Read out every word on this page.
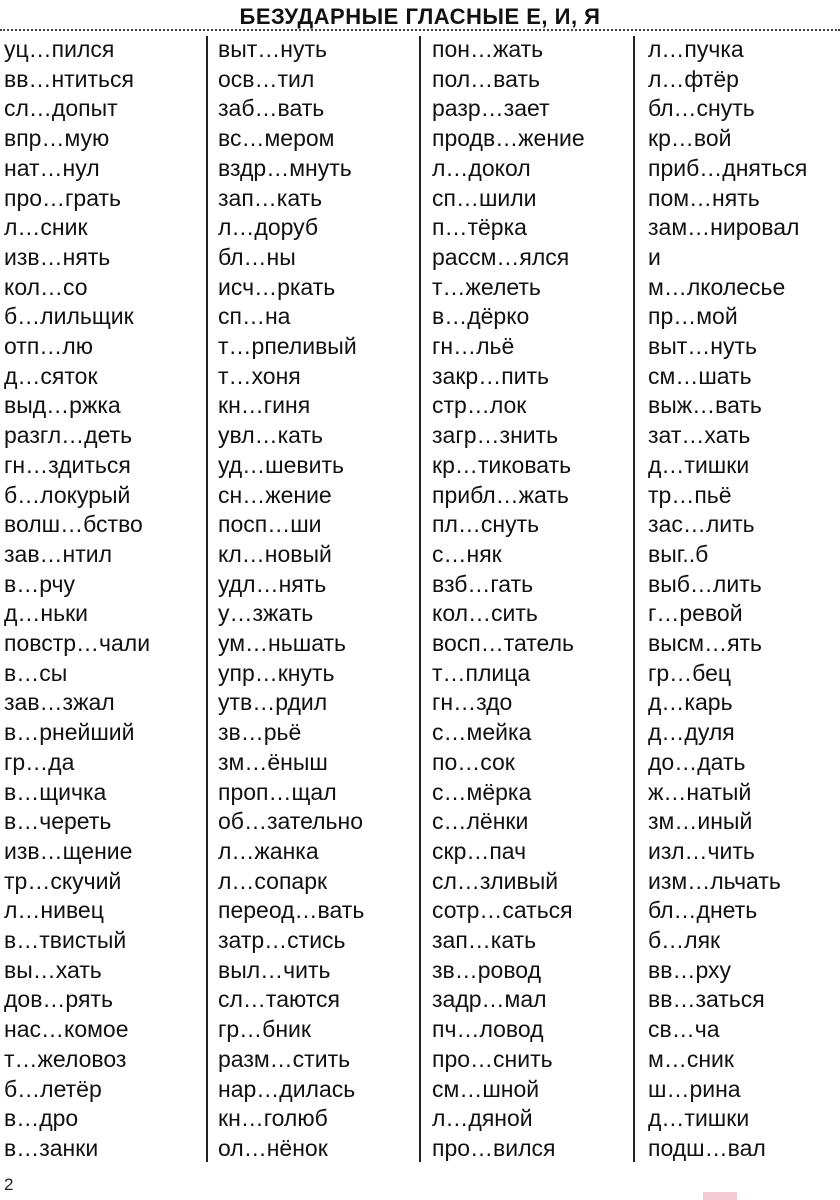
БЕЗУДАРНЫЕ ГЛАСНЫЕ Е, И, Я
уц…пился
вв…нтиться
сл…допыт
впр…мую
нат…нул
про…грать
л…сник
изв…нять
кол…со
б…лильщик
отп…лю
д…сяток
выд…ржка
разгл…деть
гн…здиться
б…локурый
волш…бство
зав…нтил
в…рчу
д…ньки
повстр…чали
в…сы
зав…зжал
в…рнейший
гр…да
в…щичка
в…череть
изв…щение
тр…скучий
л…нивец
в…твистый
вы…хать
дов…рять
нас…комое
т…желовоз
б…летёр
в…дро
в…занки
выт…нуть
осв…тил
заб…вать
вс…мером
вздр…мнуть
зап…кать
л…доруб
бл…ны
исч…ркать
сп…на
т…рпеливый
т…хоня
кн…гиня
увл…кать
уд…шевить
сн…жение
посп…ши
кл…новый
удл…нять
у…зжать
ум…ньшать
упр…кнуть
утв…рдил
зв…рьё
зм…ёныш
проп…щал
об…зательно
л…жанка
л…сопарк
переод…вать
затр…стись
выл…чить
сл…таются
гр…бник
разм…стить
нар…дилась
кн…голюб
ол…нёнок
пон…жать
пол…вать
разр…зает
продв…жение
л…докол
сп…шили
п…тёрка
рассм…ялся
т…желеть
в…дёрко
гн…льё
закр…пить
стр…лок
загр…знить
кр…тиковать
прибл…жать
пл…снуть
с…няк
взб…гать
кол…сить
восп…татель
т…плица
гн…здо
с…мейка
по…сок
с…мёрка
с…лёнки
скр…пач
сл…зливый
сотр…саться
зап…кать
зв…ровод
задр…мал
пч…ловод
про…снить
см…шной
л…дяной
про…вился
л…пучка
л…фтёр
бл…снуть
кр…вой
приб…дняться
пом…нять
зам…нировал
и
м…лколесье
пр…мой
выт…нуть
см…шать
выж…вать
зат…хать
д…тишки
тр…пьё
зас…лить
выг..б
выб…лить
г…ревой
высм…ять
гр…бец
д…карь
д…дуля
до…дать
ж…натый
зм…иный
изл…чить
изм…льчать
бл…днеть
б…ляк
вв…рху
вв…заться
св…ча
м…сник
ш…рина
д…тишки
подш…вал
2
